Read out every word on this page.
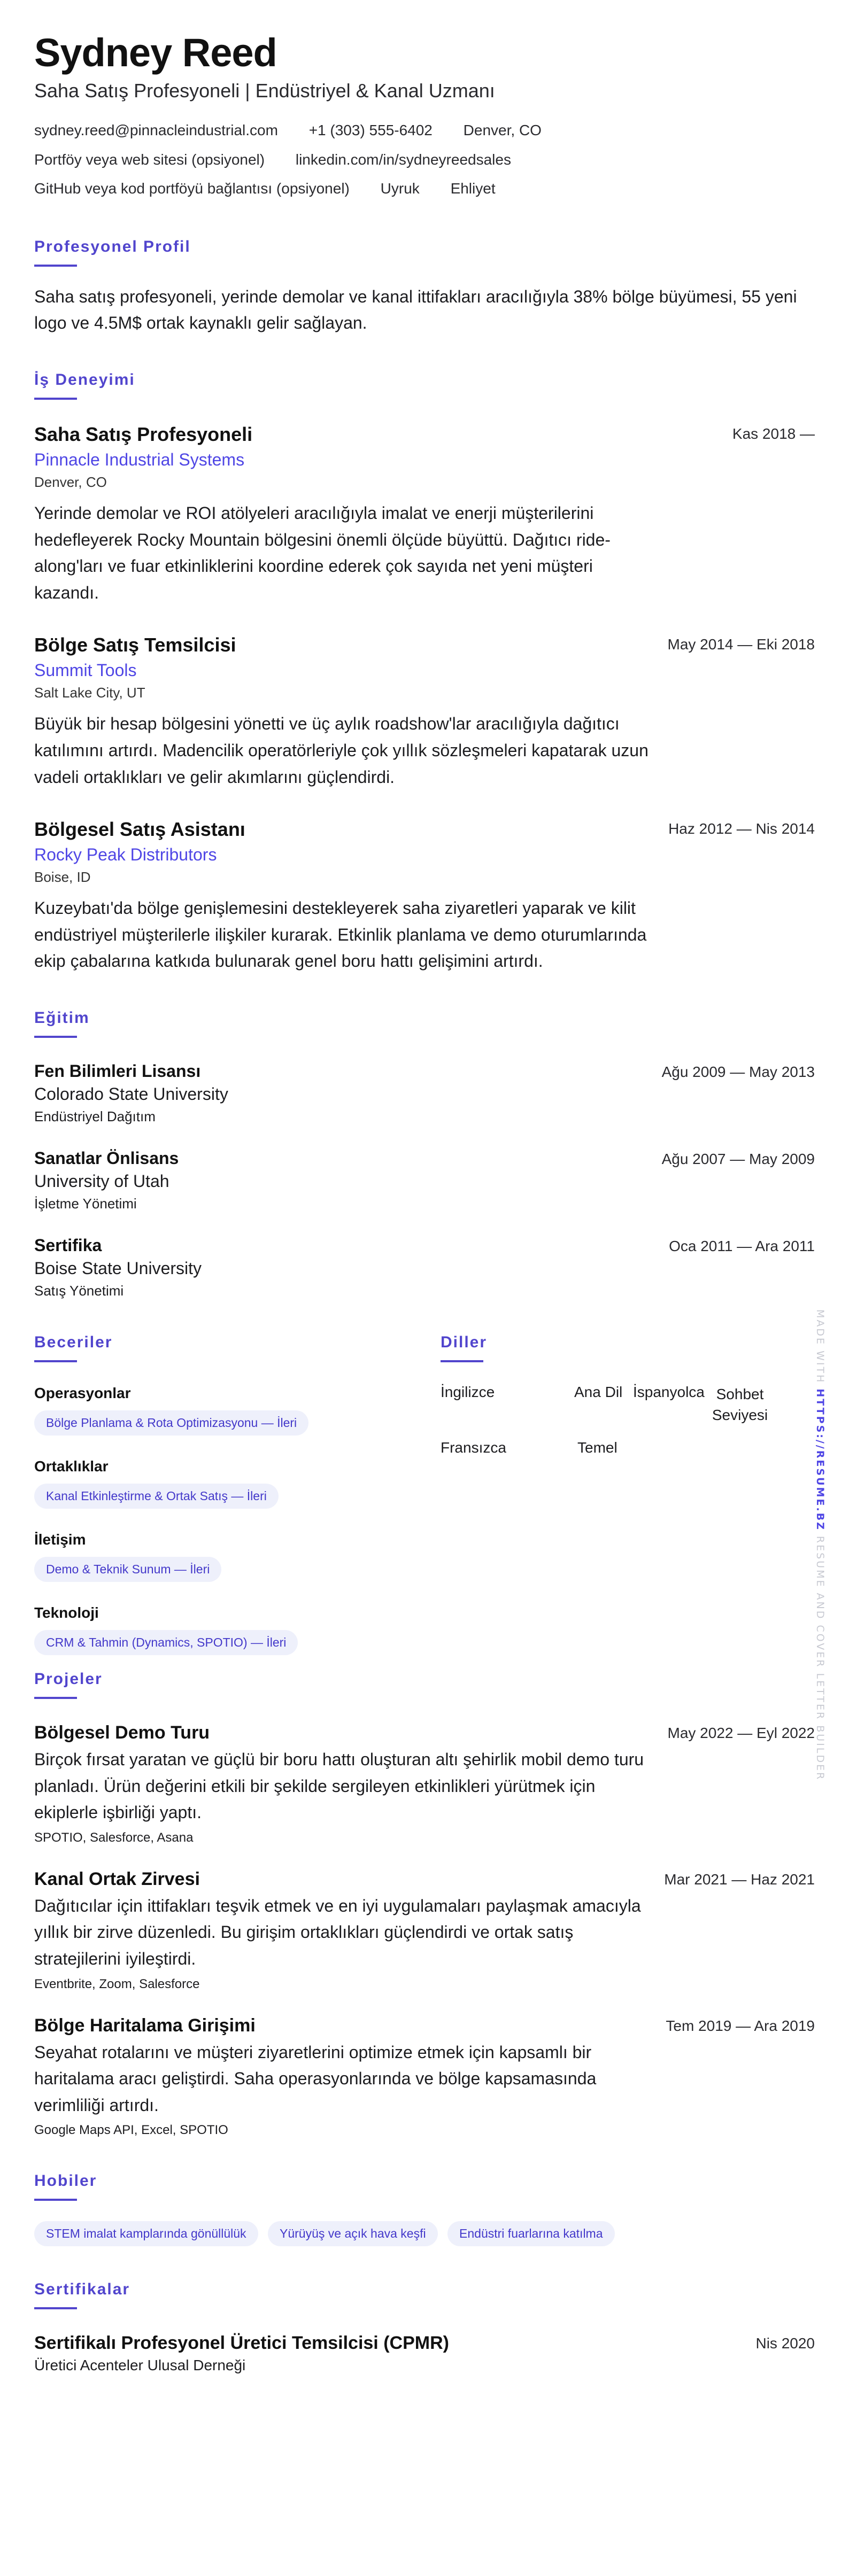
Sydney Reed
Saha Satış Profesyoneli | Endüstriyel & Kanal Uzmanı
sydney.reed@pinnacleindustrial.com +1 (303) 555-6402 Denver, CO
Portföy veya web sitesi (opsiyonel) linkedin.com/in/sydneyreedsales
GitHub veya kod portföyü bağlantısı (opsiyonel) Uyruk Ehliyet
Profesyonel Profil
Saha satış profesyoneli, yerinde demolar ve kanal ittifakları aracılığıyla 38% bölge büyümesi, 55 yeni logo ve 4.5M$ ortak kaynaklı gelir sağlayan.
İş Deneyimi
Saha Satış Profesyoneli	Kas 2018 —
Pinnacle Industrial Systems
Denver, CO
Yerinde demolar ve ROI atölyeleri aracılığıyla imalat ve enerji müşterilerini hedefleyerek Rocky Mountain bölgesini önemli ölçüde büyüttü. Dağıtıcı ride-along'ları ve fuar etkinliklerini koordine ederek çok sayıda net yeni müşteri kazandı.
Bölge Satış Temsilcisi	May 2014 — Eki 2018
Summit Tools
Salt Lake City, UT
Büyük bir hesap bölgesini yönetti ve üç aylık roadshow'lar aracılığıyla dağıtıcı katılımını artırdı. Madencilik operatörleriyle çok yıllık sözleşmeleri kapatarak uzun vadeli ortaklıkları ve gelir akımlarını güçlendirdi.
Bölgesel Satış Asistanı	Haz 2012 — Nis 2014
Rocky Peak Distributors
Boise, ID
Kuzeybatı'da bölge genişlemesini destekleyerek saha ziyaretleri yaparak ve kilit endüstriyel müşterilerle ilişkiler kurarak. Etkinlik planlama ve demo oturumlarında ekip çabalarına katkıda bulunarak genel boru hattı gelişimini artırdı.
Eğitim
Fen Bilimleri Lisansı	Ağu 2009 — May 2013
Colorado State University
Endüstriyel Dağıtım
Sanatlar Önlisans	Ağu 2007 — May 2009
University of Utah
İşletme Yönetimi
Sertifika	Oca 2011 — Ara 2011
Boise State University
Satış Yönetimi
Beceriler
Operasyonlar
Bölge Planlama & Rota Optimizasyonu — İleri
Ortaklıklar
Kanal Etkinleştirme & Ortak Satış — İleri
İletişim
Demo & Teknik Sunum — İleri
Teknoloji
CRM & Tahmin (Dynamics, SPOTIO) — İleri
Diller
İngilizce	Ana Dil İspanyolca Sohbet Seviyesi
Fransızca	Temel
Projeler
Bölgesel Demo Turu	May 2022 — Eyl 2022
Birçok fırsat yaratan ve güçlü bir boru hattı oluşturan altı şehirlik mobil demo turu planladı. Ürün değerini etkili bir şekilde sergileyen etkinlikleri yürütmek için ekiplerle işbirliği yaptı.
SPOTIO, Salesforce, Asana
Kanal Ortak Zirvesi	Mar 2021 — Haz 2021
Dağıtıcılar için ittifakları teşvik etmek ve en iyi uygulamaları paylaşmak amacıyla yıllık bir zirve düzenledi. Bu girişim ortaklıkları güçlendirdi ve ortak satış stratejilerini iyileştirdi.
Eventbrite, Zoom, Salesforce
Bölge Haritalama Girişimi	Tem 2019 — Ara 2019
Seyahat rotalarını ve müşteri ziyaretlerini optimize etmek için kapsamlı bir haritalama aracı geliştirdi. Saha operasyonlarında ve bölge kapsamasında verimliliği artırdı.
Google Maps API, Excel, SPOTIO
Hobiler
STEM imalat kamplarında gönüllülük	Yürüyüş ve açık hava keşfi	Endüstri fuarlarına katılma
Sertifikalar
Sertifikalı Profesyonel Üretici Temsilcisi (CPMR)	Nis 2020
Üretici Acenteler Ulusal Derneği
MADE WITH HTTPS://RESUME.BZ RESUME AND COVER LETTER BUILDER
